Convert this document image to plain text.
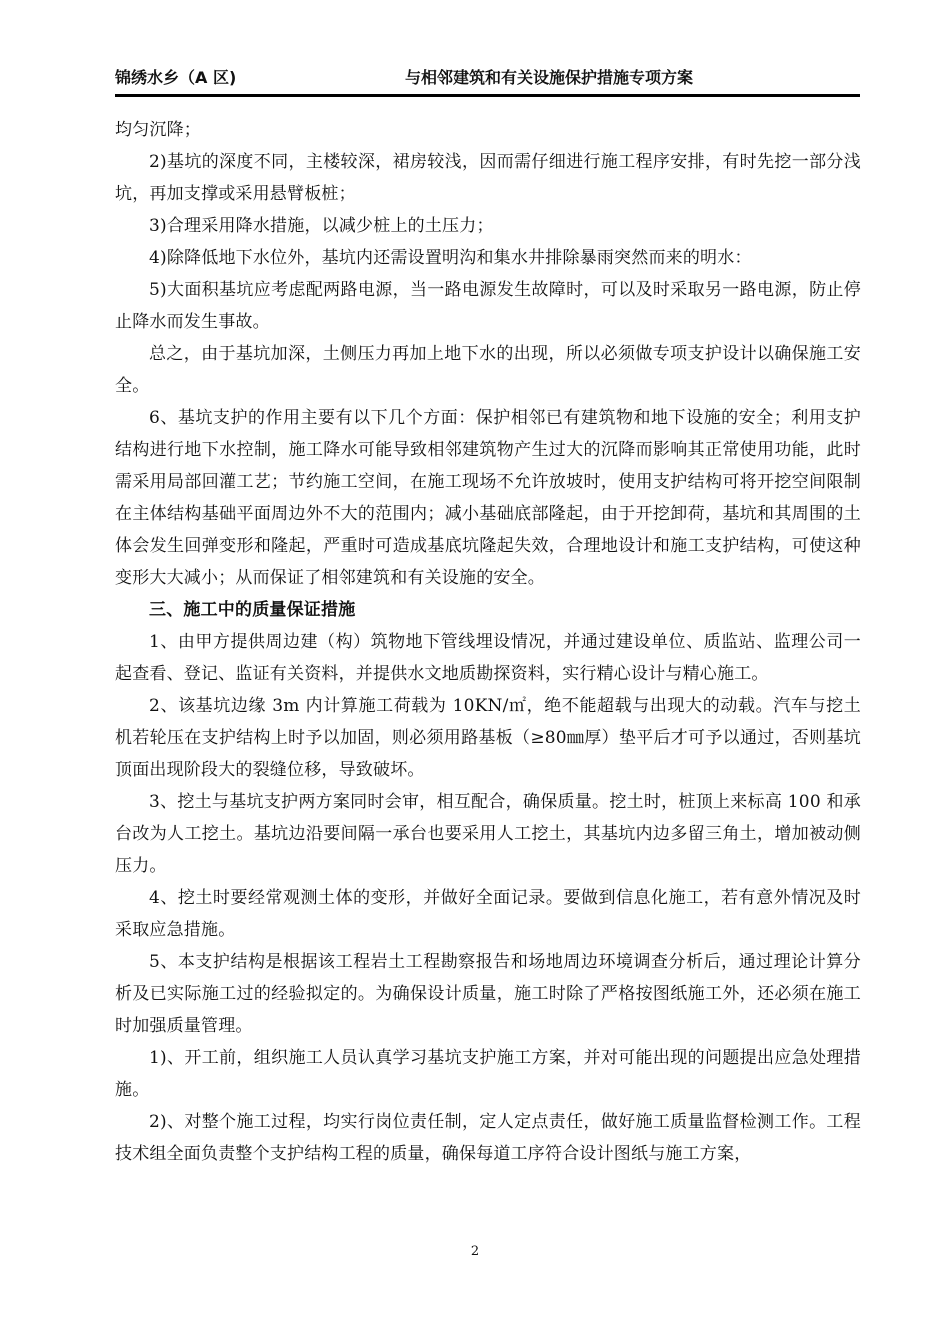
锦绣水乡（A 区)	与相邻建筑和有关设施保护措施专项方案

均匀沉降；

2)基坑的深度不同，主楼较深，裙房较浅，因而需仔细进行施工程序安排，有时先挖一部分浅坑，再加支撑或采用悬臂板桩；

3)合理采用降水措施，以减少桩上的土压力；

4)除降低地下水位外，基坑内还需设置明沟和集水井排除暴雨突然而来的明水：

5)大面积基坑应考虑配两路电源，当一路电源发生故障时，可以及时采取另一路电源，防止停止降水而发生事故。

总之，由于基坑加深，土侧压力再加上地下水的出现，所以必须做专项支护设计以确保施工安全。

6、基坑支护的作用主要有以下几个方面：保护相邻已有建筑物和地下设施的安全；利用支护结构进行地下水控制，施工降水可能导致相邻建筑物产生过大的沉降而影响其正常使用功能，此时需采用局部回灌工艺；节约施工空间，在施工现场不允许放坡时，使用支护结构可将开挖空间限制在主体结构基础平面周边外不大的范围内；减小基础底部隆起，由于开挖卸荷，基坑和其周围的土体会发生回弹变形和隆起，严重时可造成基底坑隆起失效，合理地设计和施工支护结构，可使这种变形大大减小；从而保证了相邻建筑和有关设施的安全。

三、施工中的质量保证措施

1、由甲方提供周边建（构）筑物地下管线埋设情况，并通过建设单位、质监站、监理公司一起查看、登记、监证有关资料，并提供水文地质勘探资料，实行精心设计与精心施工。

2、该基坑边缘 3m 内计算施工荷载为 10KN/㎡，绝不能超载与出现大的动载。汽车与挖土机若轮压在支护结构上时予以加固，则必须用路基板（≥80㎜厚）垫平后才可予以通过，否则基坑顶面出现阶段大的裂缝位移，导致破坏。

3、挖土与基坑支护两方案同时会审，相互配合，确保质量。挖土时，桩顶上来标高 100 和承台改为人工挖土。基坑边沿要间隔一承台也要采用人工挖土，其基坑内边多留三角土，增加被动侧压力。

4、挖土时要经常观测土体的变形，并做好全面记录。要做到信息化施工，若有意外情况及时采取应急措施。

5、本支护结构是根据该工程岩土工程勘察报告和场地周边环境调查分析后，通过理论计算分析及已实际施工过的经验拟定的。为确保设计质量，施工时除了严格按图纸施工外，还必须在施工时加强质量管理。

1)、开工前，组织施工人员认真学习基坑支护施工方案，并对可能出现的问题提出应急处理措施。

2)、对整个施工过程，均实行岗位责任制，定人定点责任，做好施工质量监督检测工作。工程技术组全面负责整个支护结构工程的质量，确保每道工序符合设计图纸与施工方案，

2
